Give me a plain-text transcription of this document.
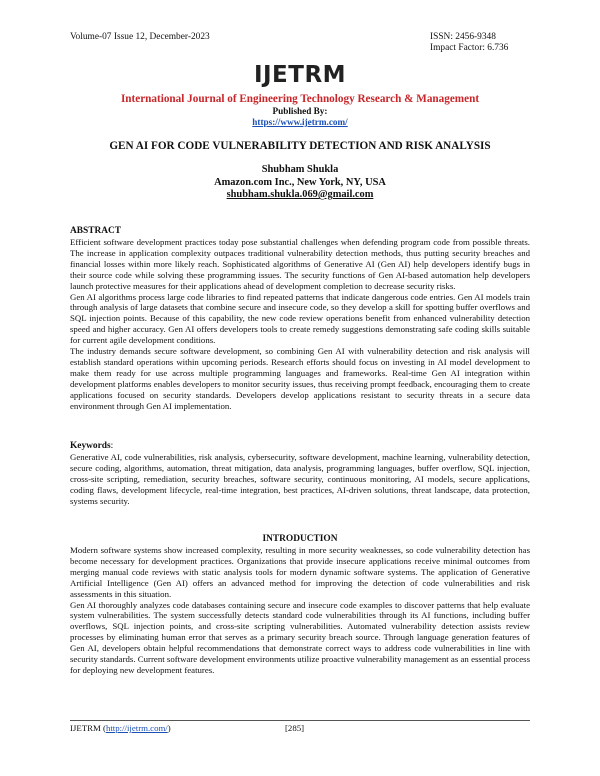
Volume-07 Issue 12, December-2023	ISSN: 2456-9348
Impact Factor: 6.736
IJETRM
International Journal of Engineering Technology Research & Management
Published By:
https://www.ijetrm.com/
GEN AI FOR CODE VULNERABILITY DETECTION AND RISK ANALYSIS
Shubham Shukla
Amazon.com Inc., New York, NY, USA
shubham.shukla.069@gmail.com
ABSTRACT

Efficient software development practices today pose substantial challenges when defending program code from possible threats. The increase in application complexity outpaces traditional vulnerability detection methods, thus putting security breaches and financial losses within more likely reach. Sophisticated algorithms of Generative AI (Gen AI) help developers identify bugs in their source code while solving these programming issues. The security functions of Gen AI-based automation help developers launch protective measures for their applications ahead of development completion to decrease security risks.

Gen AI algorithms process large code libraries to find repeated patterns that indicate dangerous code entries. Gen AI models train through analysis of large datasets that combine secure and insecure code, so they develop a skill for spotting buffer overflows and SQL injection points. Because of this capability, the new code review operations benefit from enhanced vulnerability detection speed and higher accuracy. Gen AI offers developers tools to create remedy suggestions demonstrating safe coding skills suitable for current agile development conditions.

The industry demands secure software development, so combining Gen AI with vulnerability detection and risk analysis will establish standard operations within upcoming periods. Research efforts should focus on investing in AI model development to make them ready for use across multiple programming languages and frameworks. Real-time Gen AI integration within development platforms enables developers to monitor security issues, thus receiving prompt feedback, encouraging them to create applications focused on security standards. Developers develop applications resistant to security threats in a secure data environment through Gen AI implementation.

Keywords:
Generative AI, code vulnerabilities, risk analysis, cybersecurity, software development, machine learning, vulnerability detection, secure coding, algorithms, automation, threat mitigation, data analysis, programming languages, buffer overflow, SQL injection, cross-site scripting, remediation, security breaches, software security, continuous monitoring, AI models, secure applications, coding flaws, development lifecycle, real-time integration, best practices, AI-driven solutions, threat landscape, data protection, systems security.
INTRODUCTION

Modern software systems show increased complexity, resulting in more security weaknesses, so code vulnerability detection has become necessary for development practices. Organizations that provide insecure applications receive minimal outcomes from merging manual code reviews with static analysis tools for modern dynamic software systems. The application of Generative Artificial Intelligence (Gen AI) offers an advanced method for improving the detection of code vulnerabilities and risk assessments in this situation.

Gen AI thoroughly analyzes code databases containing secure and insecure code examples to discover patterns that help evaluate system vulnerabilities. The system successfully detects standard code vulnerabilities through its AI functions, including buffer overflows, SQL injection points, and cross-site scripting vulnerabilities. Automated vulnerability detection assists review processes by eliminating human error that serves as a primary security breach source. Through language generation features of Gen AI, developers obtain helpful recommendations that demonstrate correct ways to address code vulnerabilities in line with security standards. Current software development environments utilize proactive vulnerability management as an essential process for deploying new development features.

IJETRM (http://ijetrm.com/)	[285]
